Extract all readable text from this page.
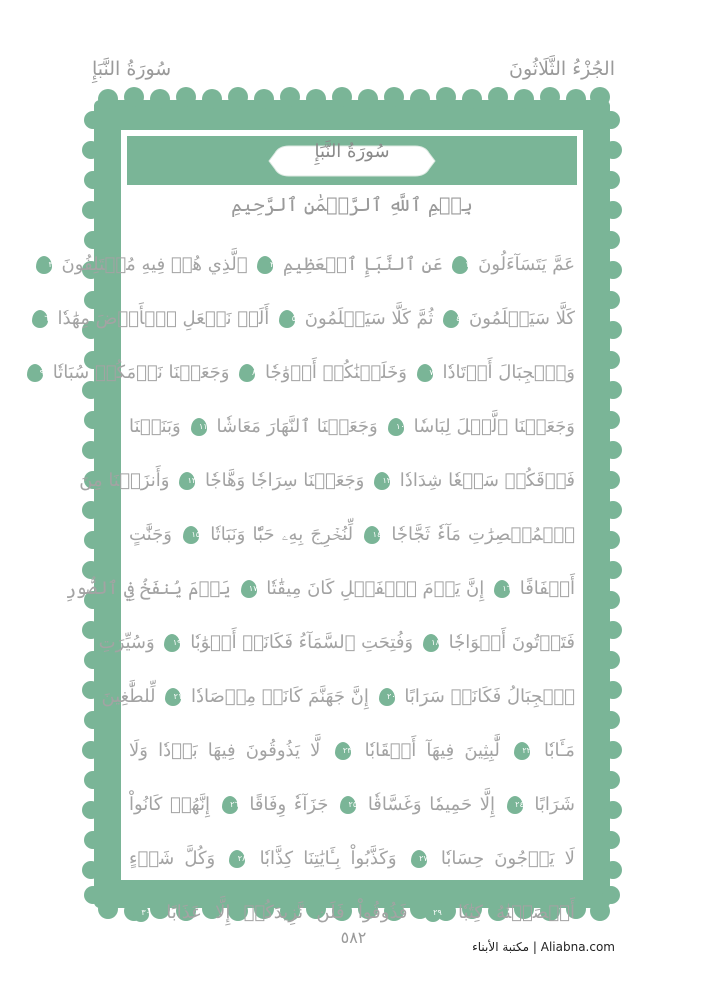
الجُزْءُ الثَّلَاثُونَ
سُورَةُ النَّبَإِ
سُورَةُ النَّبَإِ
بِسۡمِ ٱللَّهِ ٱلرَّحۡمَٰنِ ٱلرَّحِيمِ
عَمَّ يَتَسَآءَلُونَ
١
عَنِ ٱلنَّبَإِ ٱلۡعَظِيمِ
٢
ٱلَّذِي هُمۡ فِيهِ مُخۡتَلِفُونَ
٣
كَلَّا سَيَعۡلَمُونَ
٤
ثُمَّ كَلَّا سَيَعۡلَمُونَ
٥
أَلَمۡ نَجۡعَلِ ٱلۡأَرۡضَ مِهَٰدٗا
٦
وَٱلۡجِبَالَ أَوۡتَادٗا
٧
وَخَلَقۡنَٰكُمۡ أَزۡوَٰجٗا
٨
وَجَعَلۡنَا نَوۡمَكُمۡ سُبَاتٗا
٩
وَجَعَلۡنَا ٱلَّيۡلَ لِبَاسٗا
١٠
وَجَعَلۡنَا ٱلنَّهَارَ مَعَاشٗا
١١
وَبَنَيۡنَا
فَوۡقَكُمۡ سَبۡعٗا شِدَادٗا
١٢
وَجَعَلۡنَا سِرَاجٗا وَهَّاجٗا
١٣
وَأَنزَلۡنَا مِنَ
ٱلۡمُعۡصِرَٰتِ مَآءٗ ثَجَّاجٗا
١٤
لِّنُخۡرِجَ بِهِۦ حَبّٗا وَنَبَاتٗا
١٥
وَجَنَّٰتٍ
أَلۡفَافًا
١٦
إِنَّ يَوۡمَ ٱلۡفَصۡلِ كَانَ مِيقَٰتٗا
١٧
يَوۡمَ يُنفَخُ فِي ٱلصُّورِ
فَتَأۡتُونَ أَفۡوَاجٗا
١٨
وَفُتِحَتِ ٱلسَّمَآءُ فَكَانَتۡ أَبۡوَٰبٗا
١٩
وَسُيِّرَتِ
ٱلۡجِبَالُ فَكَانَتۡ سَرَابًا
٢٠
إِنَّ جَهَنَّمَ كَانَتۡ مِرۡصَادٗا
٢١
لِّلطَّٰغِينَ
مَـَٔابٗا
٢٢
لَّٰبِثِينَ فِيهَآ أَحۡقَابٗا
٢٣
لَّا يَذُوقُونَ فِيهَا بَرۡدٗا وَلَا
شَرَابًا
٢٤
إِلَّا حَمِيمٗا وَغَسَّاقٗا
٢٥
جَزَآءٗ وِفَاقًا
٢٦
إِنَّهُمۡ كَانُواْ
لَا يَرۡجُونَ حِسَابٗا
٢٧
وَكَذَّبُواْ بِـَٔايَٰتِنَا كِذَّابٗا
٢٨
وَكُلَّ شَيۡءٍ
أَحۡصَيۡنَٰهُ كِتَٰبٗا
٢٩
فَذُوقُواْ فَلَن نَّزِيدَكُمۡ إِلَّا عَذَابًا
٣٠
٥٨٢	مكتبة الأبناء | Aliabna.com
